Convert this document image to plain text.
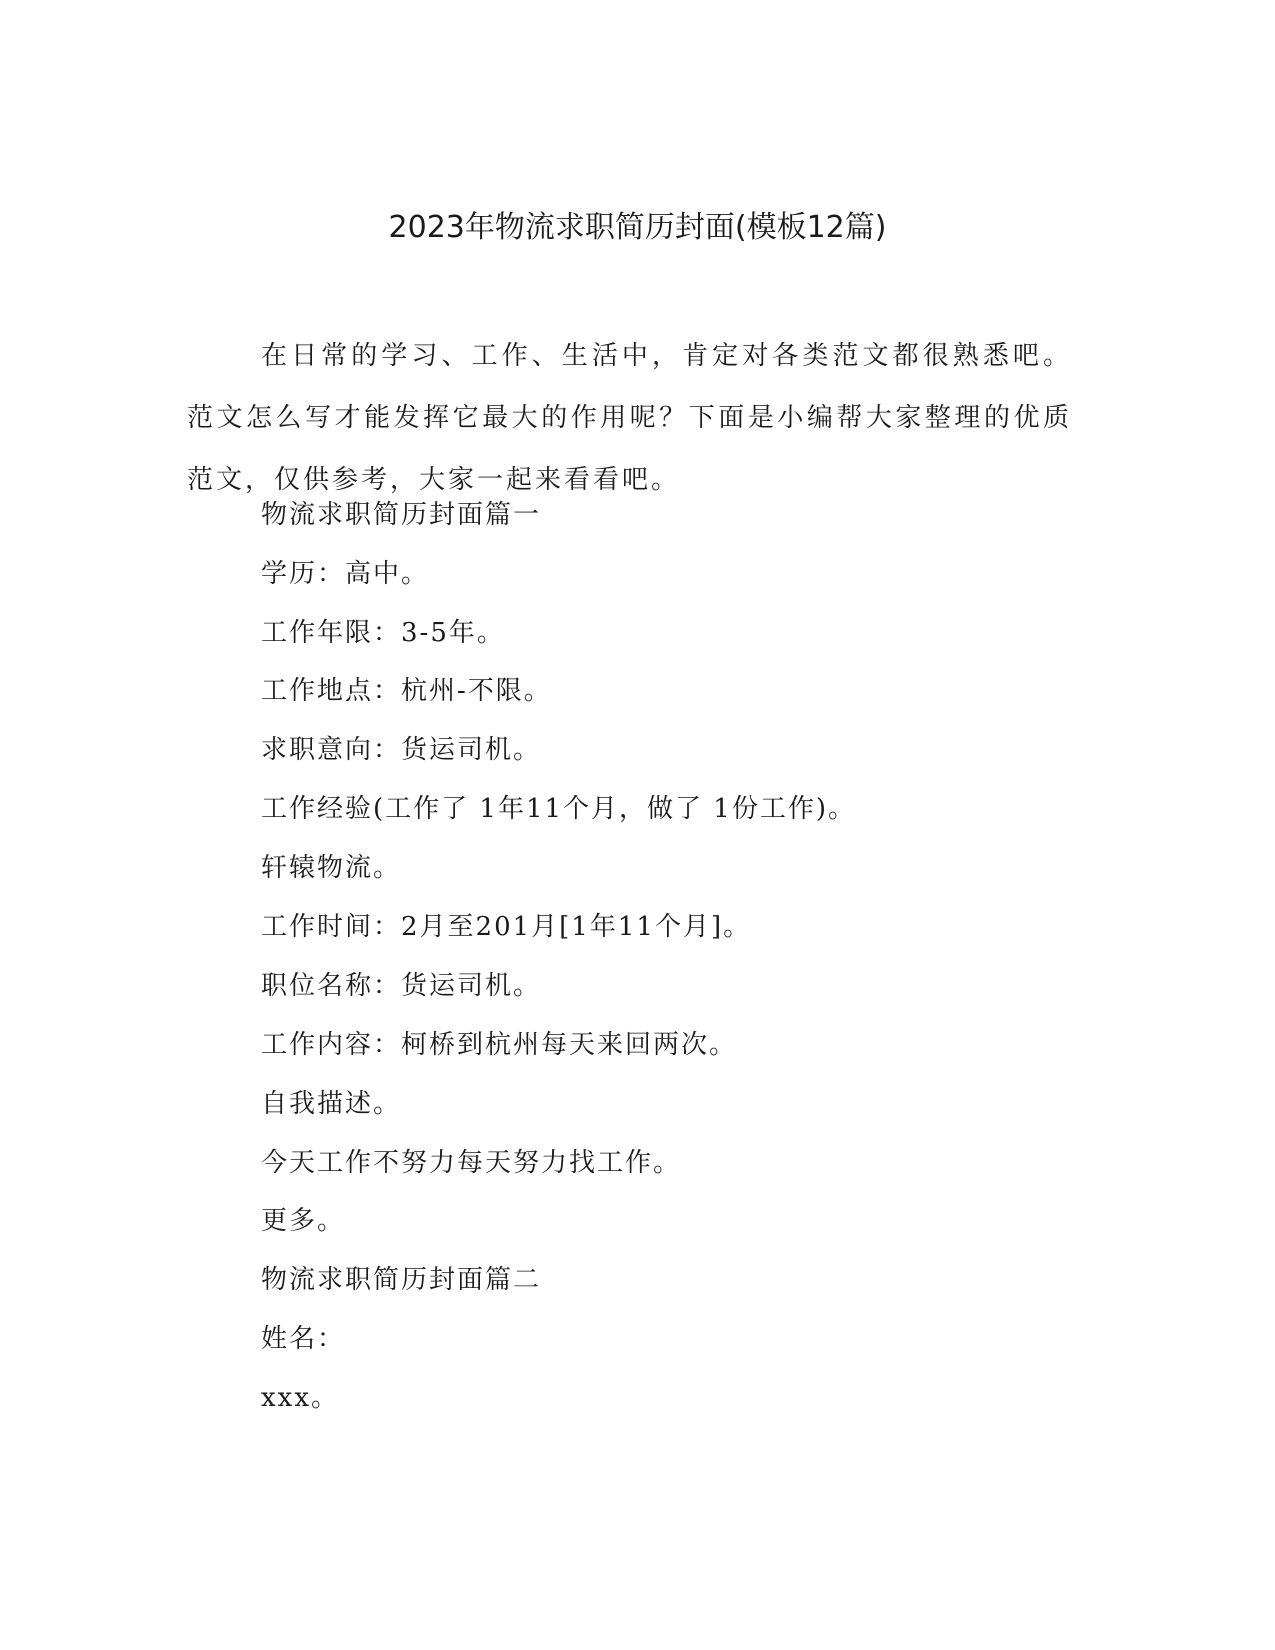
2023年物流求职简历封面(模板12篇)

在日常的学习、工作、生活中，肯定对各类范文都很熟悉吧。范文怎么写才能发挥它最大的作用呢？下面是小编帮大家整理的优质范文，仅供参考，大家一起来看看吧。

物流求职简历封面篇一
学历：高中。
工作年限：3-5年。
工作地点：杭州-不限。
求职意向：货运司机。
工作经验(工作了 1年11个月，做了 1份工作)。
轩辕物流。
工作时间：2月至201月[1年11个月]。
职位名称：货运司机。
工作内容：柯桥到杭州每天来回两次。
自我描述。
今天工作不努力每天努力找工作。
更多。
物流求职简历封面篇二
姓名：
xxx。
